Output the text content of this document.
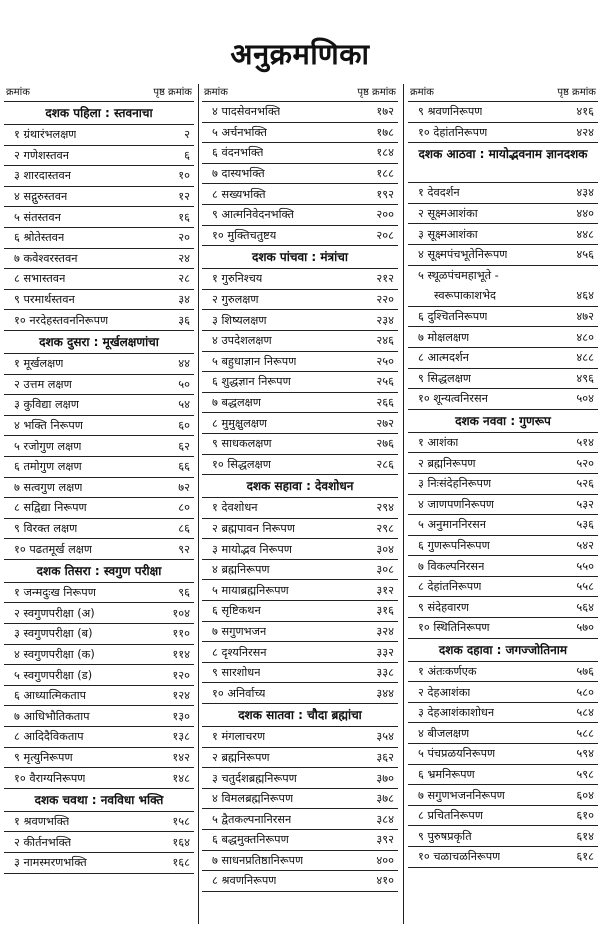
अनुक्रमणिका
क्रमांक	पृष्ठ क्रमांक
दशक पहिला : स्तवनाचा
१ ग्रंथारंभलक्षण	२
२ गणेशस्तवन	६
३ शारदास्तवन	१०
४ सद्गुरुस्तवन	१२
५ संतस्तवन	१६
६ श्रोतेस्तवन	२०
७ कवेश्वरस्तवन	२४
८ सभास्तवन	२८
९ परमार्थस्तवन	३४
१० नरदेहस्तवननिरूपण	३६
दशक दुसरा : मूर्खलक्षणांचा
१ मूर्खलक्षण	४४
२ उत्तम लक्षण	५०
३ कुविद्या लक्षण	५४
४ भक्ति निरूपण	६०
५ रजोगुण लक्षण	६२
६ तमोगुण लक्षण	६६
७ सत्वगुण लक्षण	७२
८ सद्विद्या निरूपण	८०
९ विरक्त लक्षण	८६
१० पढतमूर्ख लक्षण	९२
दशक तिसरा : स्वगुण परीक्षा
१ जन्मदुःख निरूपण	९६
२ स्वगुणपरीक्षा (अ)	१०४
३ स्वगुणपरीक्षा (ब)	११०
४ स्वगुणपरीक्षा (क)	११४
५ स्वगुणपरीक्षा (ड)	१२०
६ आध्यात्मिकताप	१२४
७ आधिभौतिकताप	१३०
८ आदिदैविकताप	१३८
९ मृत्युनिरूपण	१४२
१० वैराग्यनिरूपण	१४८
दशक चवथा : नवविधा भक्ति
१ श्रवणभक्ति	१५८
२ कीर्तनभक्ति	१६४
३ नामस्मरणभक्ति	१६८
क्रमांक	पृष्ठ क्रमांक
४ पादसेवनभक्ति	१७२
५ अर्चनभक्ति	१७८
६ वंदनभक्ति	१८४
७ दास्यभक्ति	१८८
८ सख्यभक्ति	१९२
९ आत्मनिवेदनभक्ति	२००
१० मुक्तिचतुष्टय	२०८
दशक पांचवा : मंत्रांचा
१ गुरुनिश्चय	२१२
२ गुरुलक्षण	२२०
३ शिष्यलक्षण	२३४
४ उपदेशलक्षण	२४६
५ बहुधाज्ञान निरूपण	२५०
६ शुद्धज्ञान निरूपण	२५६
७ बद्धलक्षण	२६६
८ मुमुक्षुलक्षण	२७२
९ साधकलक्षण	२७६
१० सिद्धलक्षण	२८६
दशक सहावा : देवशोधन
१ देवशोधन	२९४
२ ब्रह्मपावन निरूपण	२९८
३ मायोद्भव निरूपण	३०४
४ ब्रह्मनिरूपण	३०८
५ मायाब्रह्मनिरूपण	३१२
६ सृष्टिकथन	३१६
७ सगुणभजन	३२४
८ दृश्यनिरसन	३३२
९ सारशोधन	३३८
१० अनिर्वाच्य	३४४
दशक सातवा : चौदा ब्रह्मांचा
१ मंगलाचरण	३५४
२ ब्रह्मनिरूपण	३६२
३ चतुर्दशब्रह्मनिरूपण	३७०
४ विमलब्रह्मनिरूपण	३७८
५ द्वैतकल्पनानिरसन	३८४
६ बद्धमुक्तनिरूपण	३९२
७ साधनप्रतिष्ठानिरूपण	४००
८ श्रवणनिरूपण	४१०
क्रमांक	पृष्ठ क्रमांक
९ श्रवणनिरूपण	४१६
१० देहांतनिरूपण	४२४
दशक आठवा : मायोद्भवनाम ज्ञानदशक
१ देवदर्शन	४३४
२ सूक्ष्मआशंका	४४०
३ सूक्ष्मआशंका	४४८
४ सूक्ष्मपंचभूतेनिरूपण	४५६
५ स्थूळपंचमहाभूते -
स्वरूपाकाशभेद	४६४
६ दुश्चितनिरूपण	४७२
७ मोक्षलक्षण	४८०
८ आत्मदर्शन	४८८
९ सिद्धलक्षण	४९६
१० शून्यत्वनिरसन	५०४
दशक नववा : गुणरूप
१ आशंका	५१४
२ ब्रह्मनिरूपण	५२०
३ निःसंदेहनिरूपण	५२६
४ जाणपणनिरूपण	५३२
५ अनुमाननिरसन	५३६
६ गुणरूपनिरूपण	५४२
७ विकल्पनिरसन	५५०
८ देहांतनिरूपण	५५८
९ संदेहवारण	५६४
१० स्थितिनिरूपण	५७०
दशक दहावा : जगज्जोतिनाम
१ अंतःकर्णएक	५७६
२ देहआशंका	५८०
३ देहआशंकाशोधन	५८४
४ बीजलक्षण	५८८
५ पंचप्रळयनिरूपण	५९४
६ भ्रमनिरूपण	५९८
७ सगुणभजननिरूपण	६०४
८ प्रचितनिरूपण	६१०
९ पुरुषप्रकृति	६१४
१० चळाचळनिरूपण	६१८
